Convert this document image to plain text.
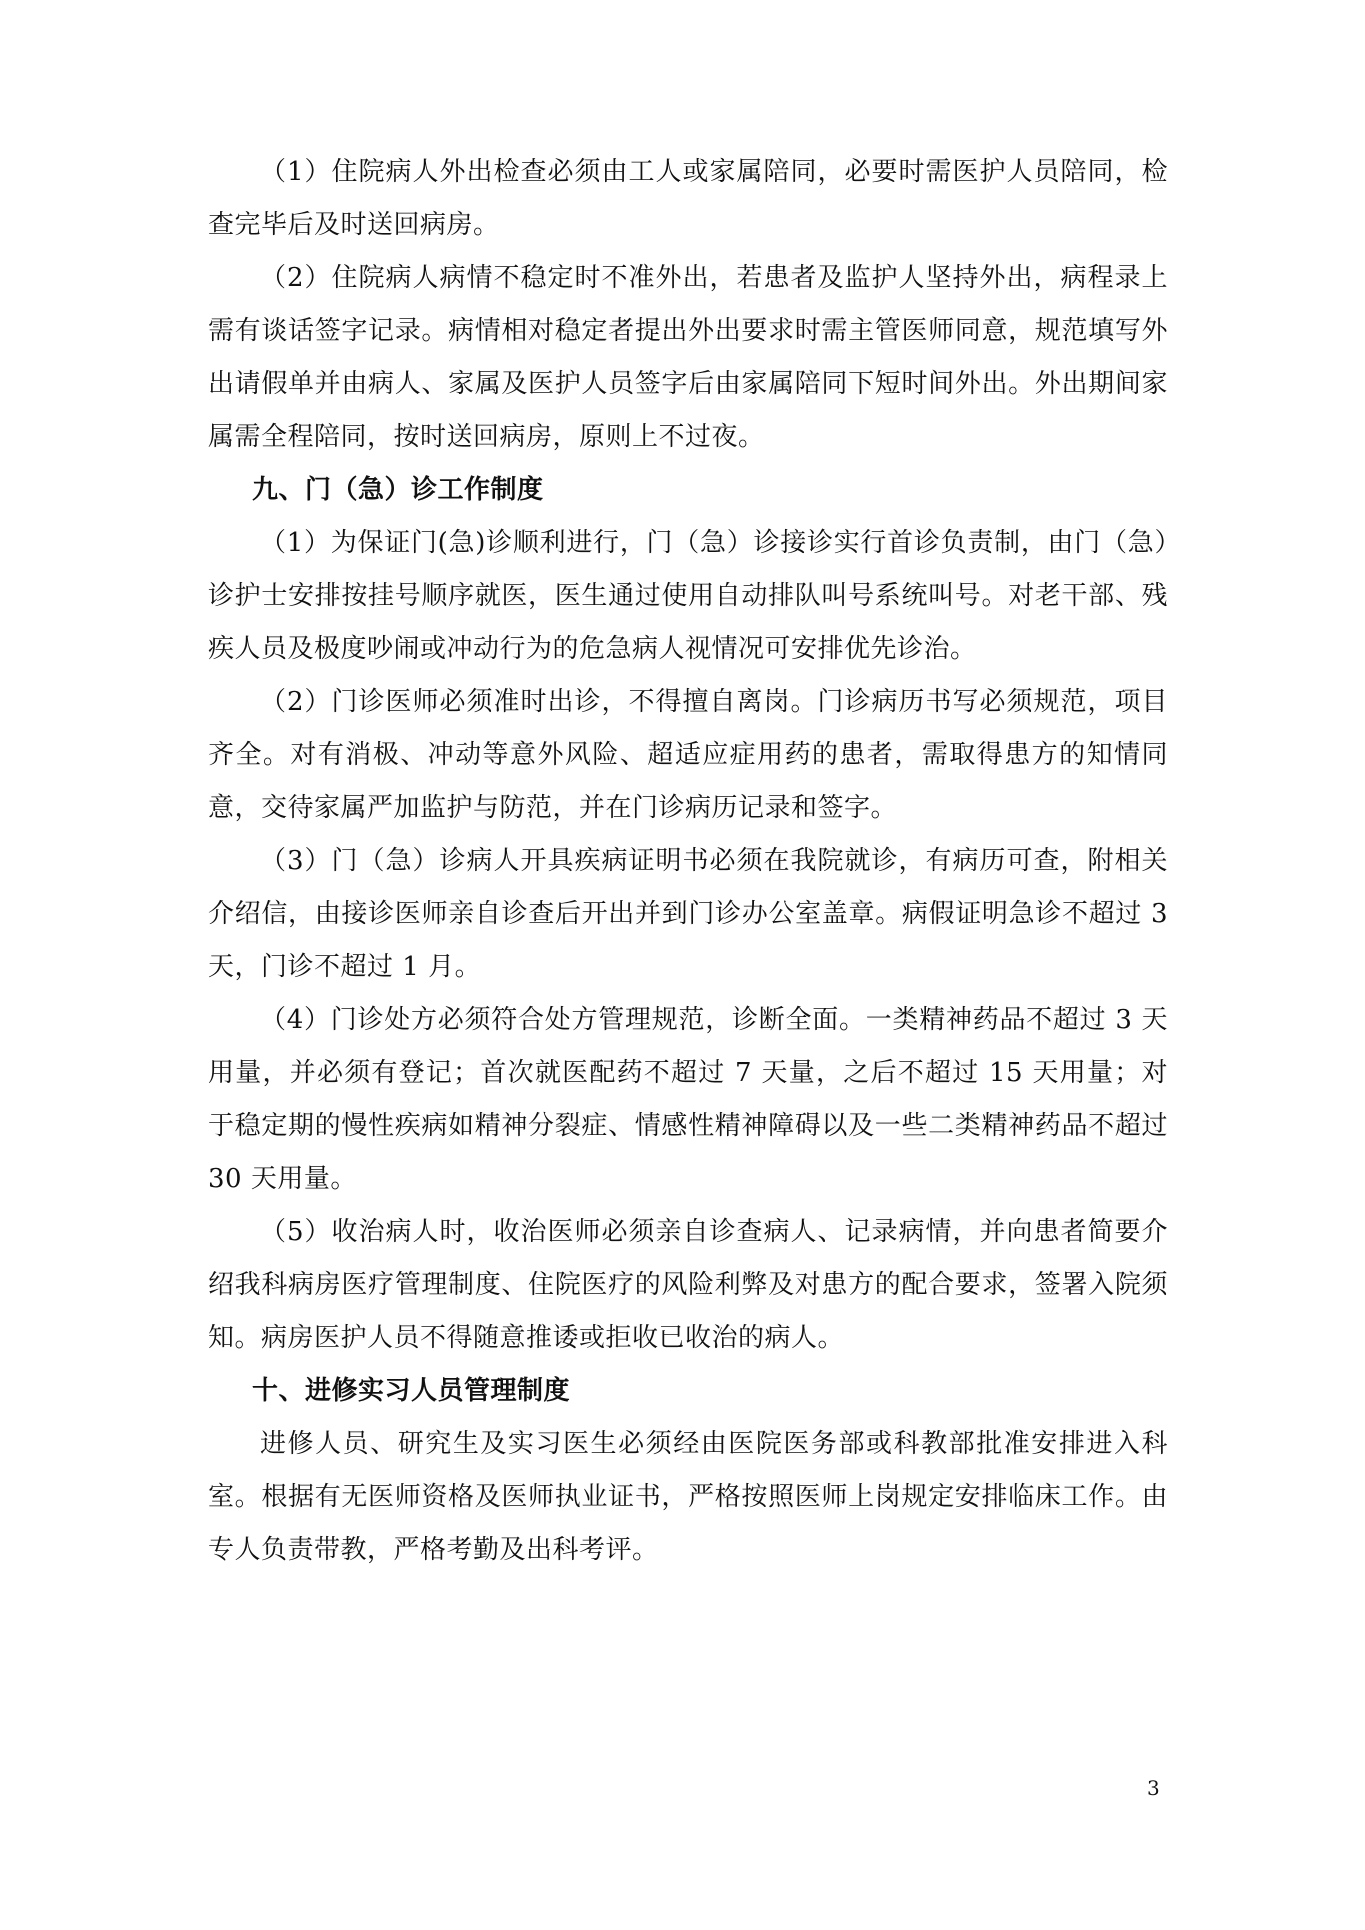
（1）住院病人外出检查必须由工人或家属陪同，必要时需医护人员陪同，检查完毕后及时送回病房。

（2）住院病人病情不稳定时不准外出，若患者及监护人坚持外出，病程录上需有谈话签字记录。病情相对稳定者提出外出要求时需主管医师同意，规范填写外出请假单并由病人、家属及医护人员签字后由家属陪同下短时间外出。外出期间家属需全程陪同，按时送回病房，原则上不过夜。

九、门（急）诊工作制度

（1）为保证门(急)诊顺利进行，门（急）诊接诊实行首诊负责制，由门（急）诊护士安排按挂号顺序就医，医生通过使用自动排队叫号系统叫号。对老干部、残疾人员及极度吵闹或冲动行为的危急病人视情况可安排优先诊治。

（2）门诊医师必须准时出诊，不得擅自离岗。门诊病历书写必须规范，项目齐全。对有消极、冲动等意外风险、超适应症用药的患者，需取得患方的知情同意，交待家属严加监护与防范，并在门诊病历记录和签字。

（3）门（急）诊病人开具疾病证明书必须在我院就诊，有病历可查，附相关介绍信，由接诊医师亲自诊查后开出并到门诊办公室盖章。病假证明急诊不超过 3 天，门诊不超过 1 月。

（4）门诊处方必须符合处方管理规范，诊断全面。一类精神药品不超过 3 天用量，并必须有登记；首次就医配药不超过 7 天量，之后不超过 15 天用量；对于稳定期的慢性疾病如精神分裂症、情感性精神障碍以及一些二类精神药品不超过 30 天用量。

（5）收治病人时，收治医师必须亲自诊查病人、记录病情，并向患者简要介绍我科病房医疗管理制度、住院医疗的风险利弊及对患方的配合要求，签署入院须知。病房医护人员不得随意推诿或拒收已收治的病人。

十、进修实习人员管理制度

进修人员、研究生及实习医生必须经由医院医务部或科教部批准安排进入科室。根据有无医师资格及医师执业证书，严格按照医师上岗规定安排临床工作。由专人负责带教，严格考勤及出科考评。

3
